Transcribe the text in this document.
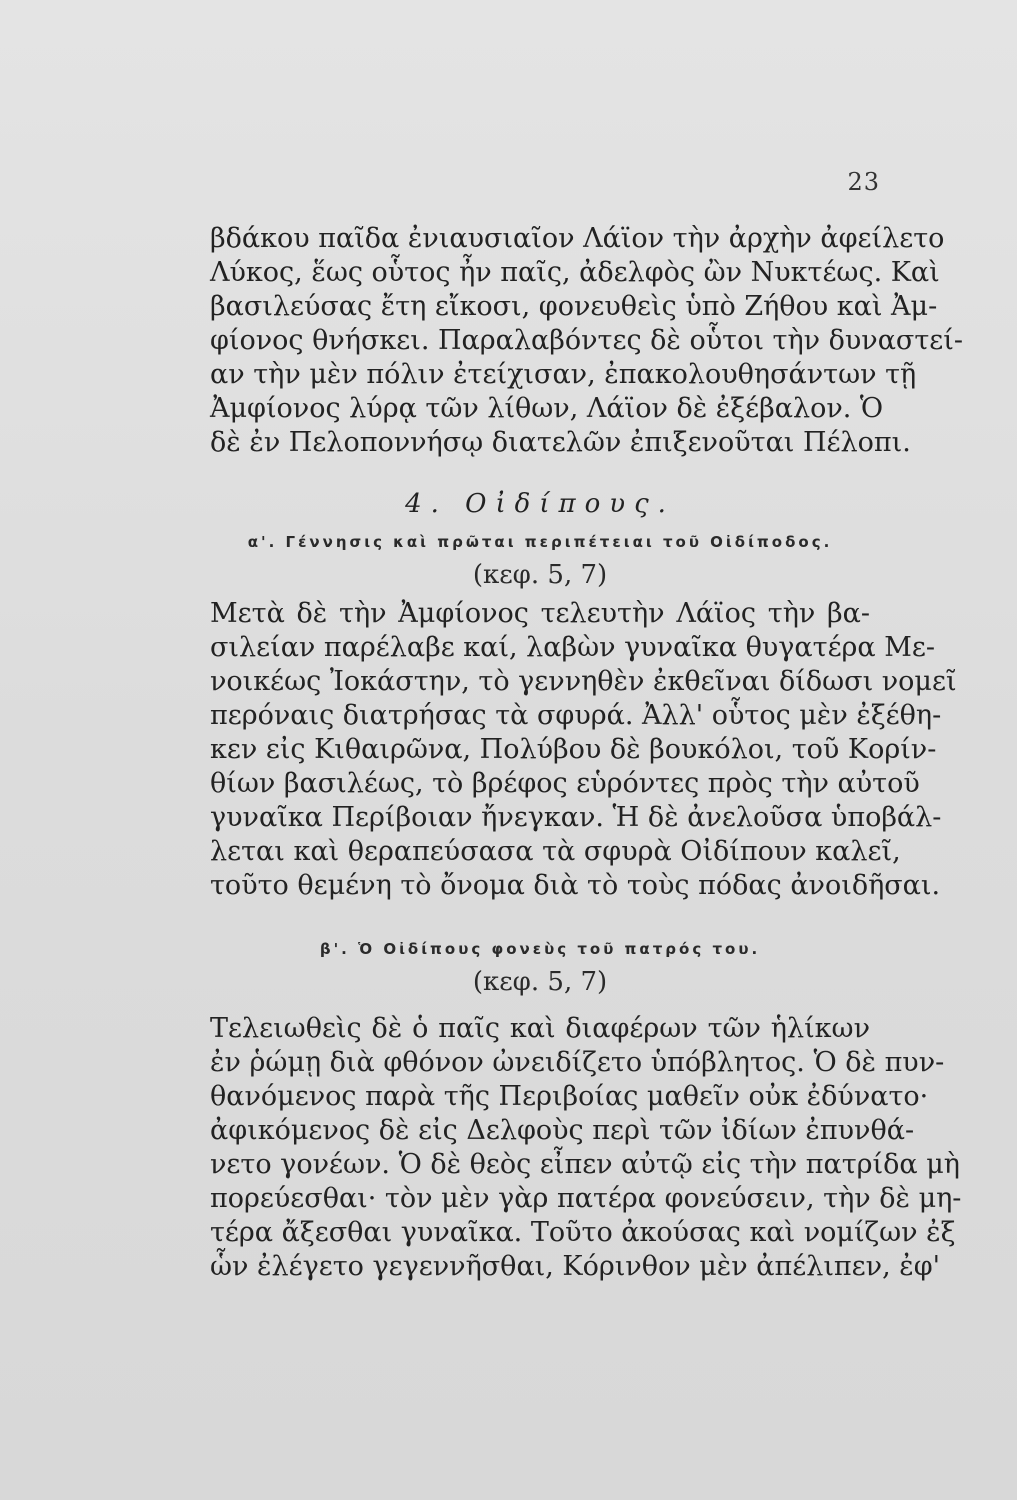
23
βδάκου παῖδα ἐνιαυσιαῖον Λάϊον τὴν ἀρχὴν ἀφείλετο
Λύκος, ἕως οὗτος ἦν παῖς, ἀδελφὸς ὢν Νυκτέως. Καὶ
βασιλεύσας ἔτη εἴκοσι, φονευθεὶς ὑπὸ Ζήθου καὶ Ἀμ-
φίονος θνήσκει. Παραλαβόντες δὲ οὗτοι τὴν δυναστεί-
αν τὴν μὲν πόλιν ἐτείχισαν, ἐπακολουθησάντων τῇ
Ἀμφίονος λύρᾳ τῶν λίθων, Λάϊον δὲ ἐξέβαλον. Ὁ
δὲ ἐν Πελοποννήσῳ διατελῶν ἐπιξενοῦται Πέλοπι.
4. Οἰδίπους.
α'. Γέννησις καὶ πρῶται περιπέτειαι τοῦ Οἰδίποδος.
(κεφ. 5, 7)
Μετὰ δὲ τὴν Ἀμφίονος τελευτὴν Λάϊος τὴν βα-
σιλείαν παρέλαβε καί, λαβὼν γυναῖκα θυγατέρα Με-
νοικέως Ἰοκάστην, τὸ γεννηθὲν ἐκθεῖναι δίδωσι νομεῖ
περόναις διατρήσας τὰ σφυρά. Ἀλλ' οὗτος μὲν ἐξέθη-
κεν εἰς Κιθαιρῶνα, Πολύβου δὲ βουκόλοι, τοῦ Κορίν-
θίων βασιλέως, τὸ βρέφος εὑρόντες πρὸς τὴν αὐτοῦ
γυναῖκα Περίβοιαν ἤνεγκαν. Ἡ δὲ ἀνελοῦσα ὑποβάλ-
λεται καὶ θεραπεύσασα τὰ σφυρὰ Οἰδίπουν καλεῖ,
τοῦτο θεμένη τὸ ὄνομα διὰ τὸ τοὺς πόδας ἀνοιδῆσαι.
β'. Ὁ Οἰδίπους φονεὺς τοῦ πατρός του.
(κεφ. 5, 7)
Τελειωθεὶς δὲ ὁ παῖς καὶ διαφέρων τῶν ἡλίκων
ἐν ῥώμῃ διὰ φθόνον ὠνειδίζετο ὑπόβλητος. Ὁ δὲ πυν-
θανόμενος παρὰ τῆς Περιβοίας μαθεῖν οὐκ ἐδύνατο·
ἀφικόμενος δὲ εἰς Δελφοὺς περὶ τῶν ἰδίων ἐπυνθά-
νετο γονέων. Ὁ δὲ θεὸς εἶπεν αὐτῷ εἰς τὴν πατρίδα μὴ
πορεύεσθαι· τὸν μὲν γὰρ πατέρα φονεύσειν, τὴν δὲ μη-
τέρα ἄξεσθαι γυναῖκα. Τοῦτο ἀκούσας καὶ νομίζων ἐξ
ὧν ἐλέγετο γεγεννῆσθαι, Κόρινθον μὲν ἀπέλιπεν, ἐφ'
